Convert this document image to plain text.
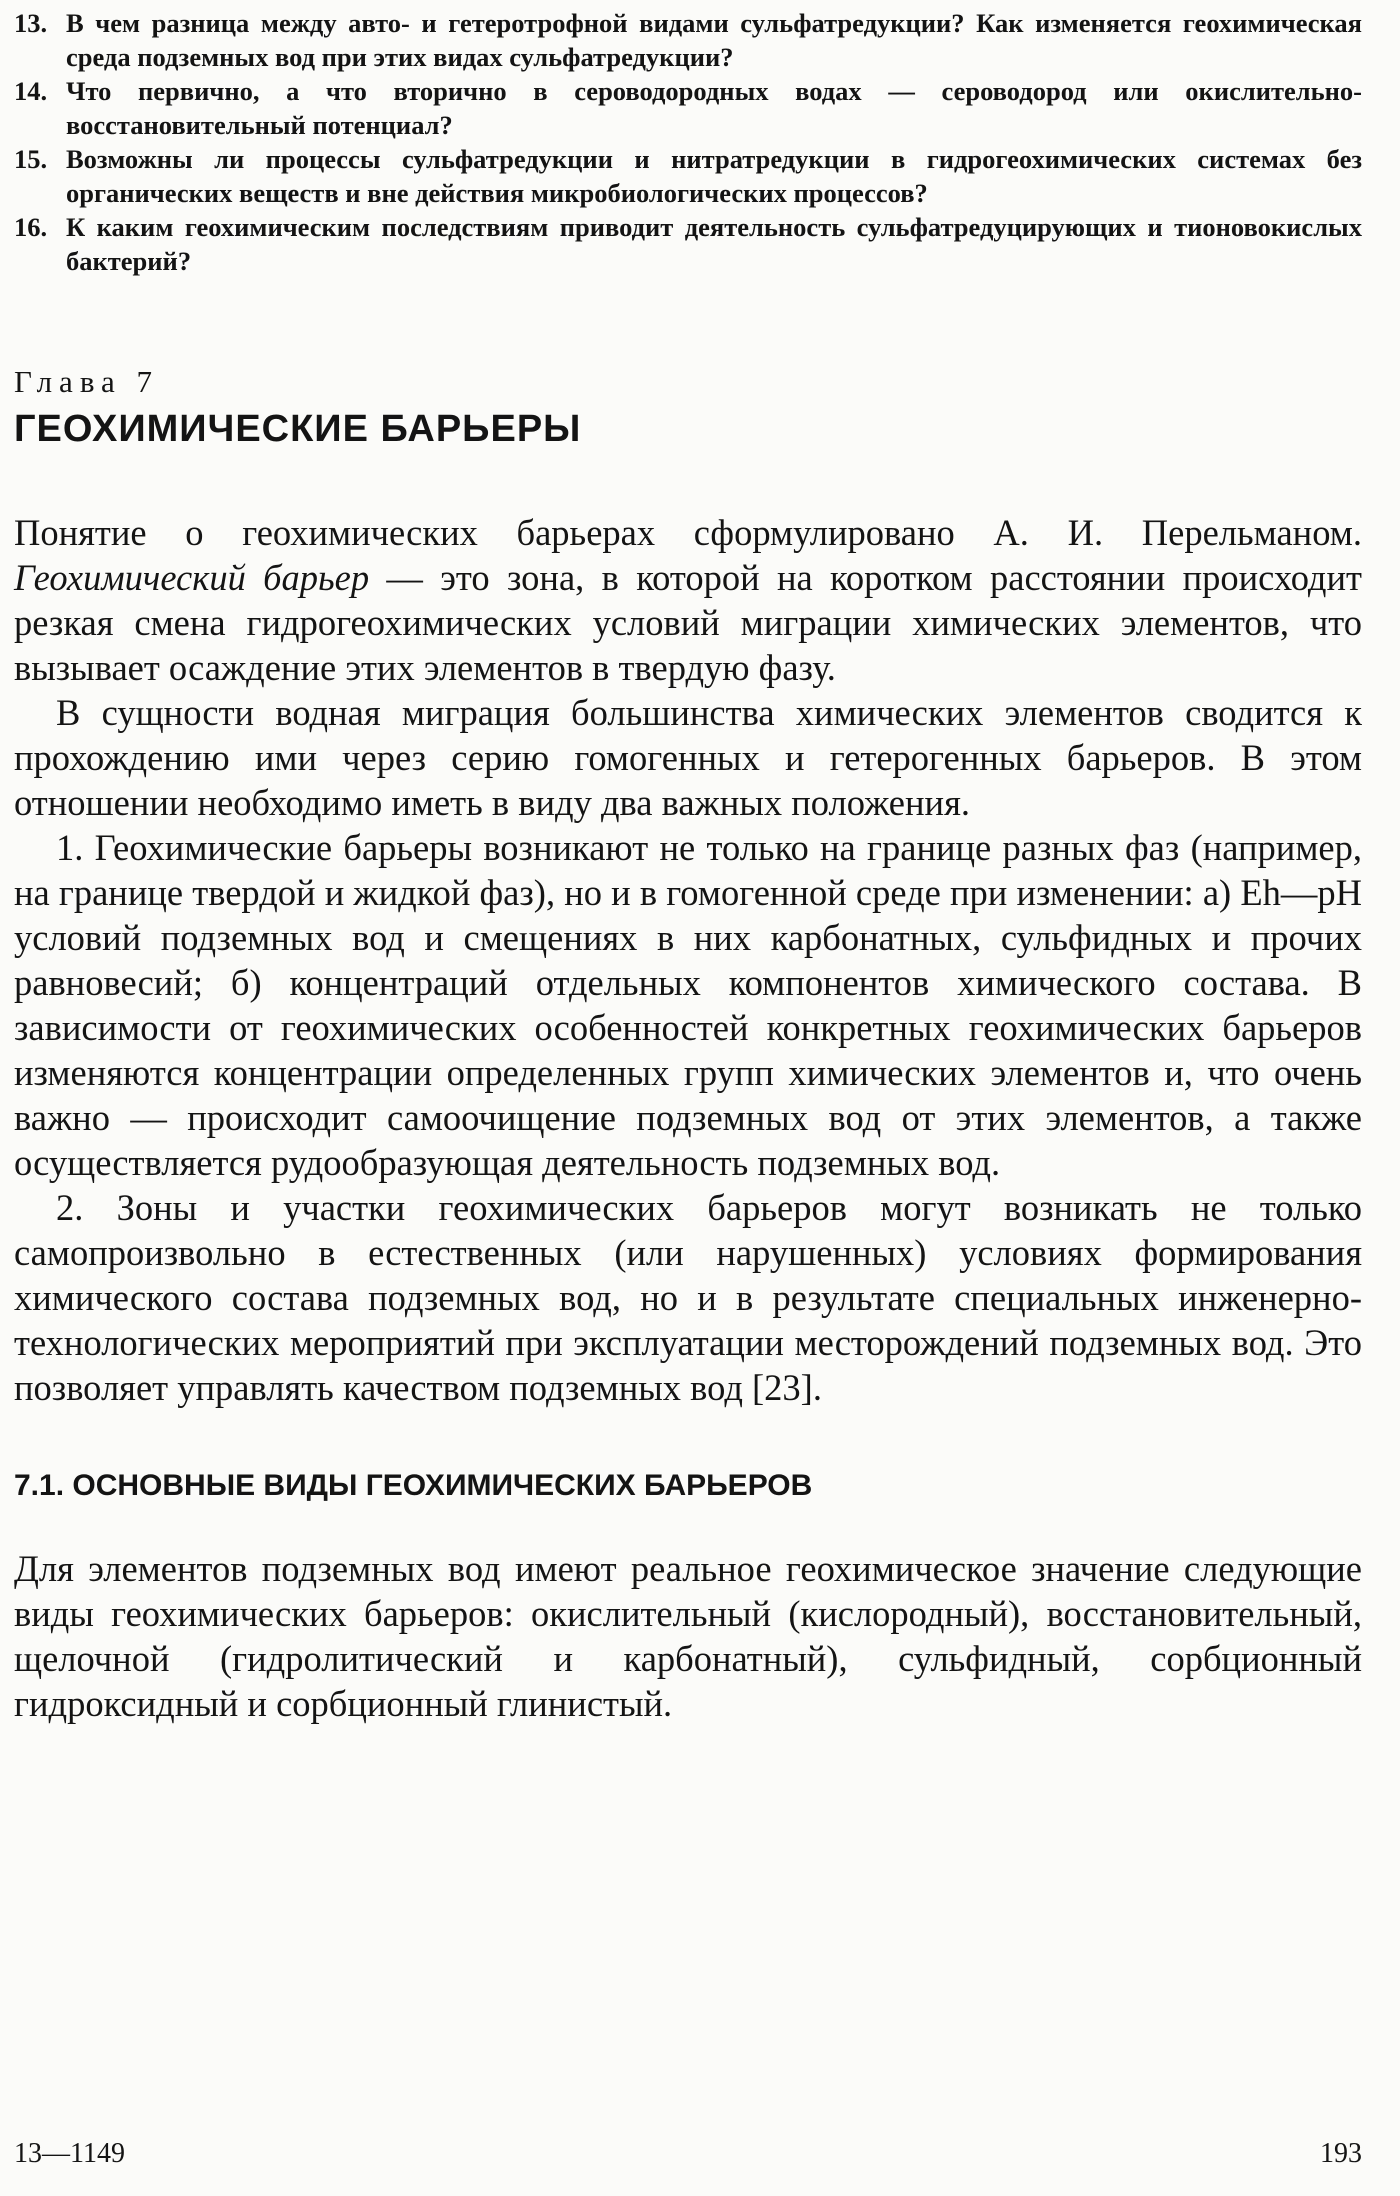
13. В чем разница между авто- и гетеротрофной видами сульфатредукции? Как изменяется геохимическая среда подземных вод при этих видах сульфатредукции?
14. Что первично, а что вторично в сероводородных водах — сероводород или окислительно-восстановительный потенциал?
15. Возможны ли процессы сульфатредукции и нитратредукции в гидрогеохимических системах без органических веществ и вне действия микробиологических процессов?
16. К каким геохимическим последствиям приводит деятельность сульфатредуцирующих и тионовокислых бактерий?
Глава 7
ГЕОХИМИЧЕСКИЕ БАРЬЕРЫ

Понятие о геохимических барьерах сформулировано А. И. Перельманом. Геохимический барьер — это зона, в которой на коротком расстоянии происходит резкая смена гидрогеохимических условий миграции химических элементов, что вызывает осаждение этих элементов в твердую фазу.

В сущности водная миграция большинства химических элементов сводится к прохождению ими через серию гомогенных и гетерогенных барьеров. В этом отношении необходимо иметь в виду два важных положения.

1. Геохимические барьеры возникают не только на границе разных фаз (например, на границе твердой и жидкой фаз), но и в гомогенной среде при изменении: а) Eh—pH условий подземных вод и смещениях в них карбонатных, сульфидных и прочих равновесий; б) концентраций отдельных компонентов химического состава. В зависимости от геохимических особенностей конкретных геохимических барьеров изменяются концентрации определенных групп химических элементов и, что очень важно — происходит самоочищение подземных вод от этих элементов, а также осуществляется рудообразующая деятельность подземных вод.

2. Зоны и участки геохимических барьеров могут возникать не только самопроизвольно в естественных (или нарушенных) условиях формирования химического состава подземных вод, но и в результате специальных инженерно-технологических мероприятий при эксплуатации месторождений подземных вод. Это позволяет управлять качеством подземных вод [23].

7.1. ОСНОВНЫЕ ВИДЫ ГЕОХИМИЧЕСКИХ БАРЬЕРОВ

Для элементов подземных вод имеют реальное геохимическое значение следующие виды геохимических барьеров: окислительный (кислородный), восстановительный, щелочной (гидролитический и карбонатный), сульфидный, сорбционный гидроксидный и сорбционный глинистый.

13—1149	193
